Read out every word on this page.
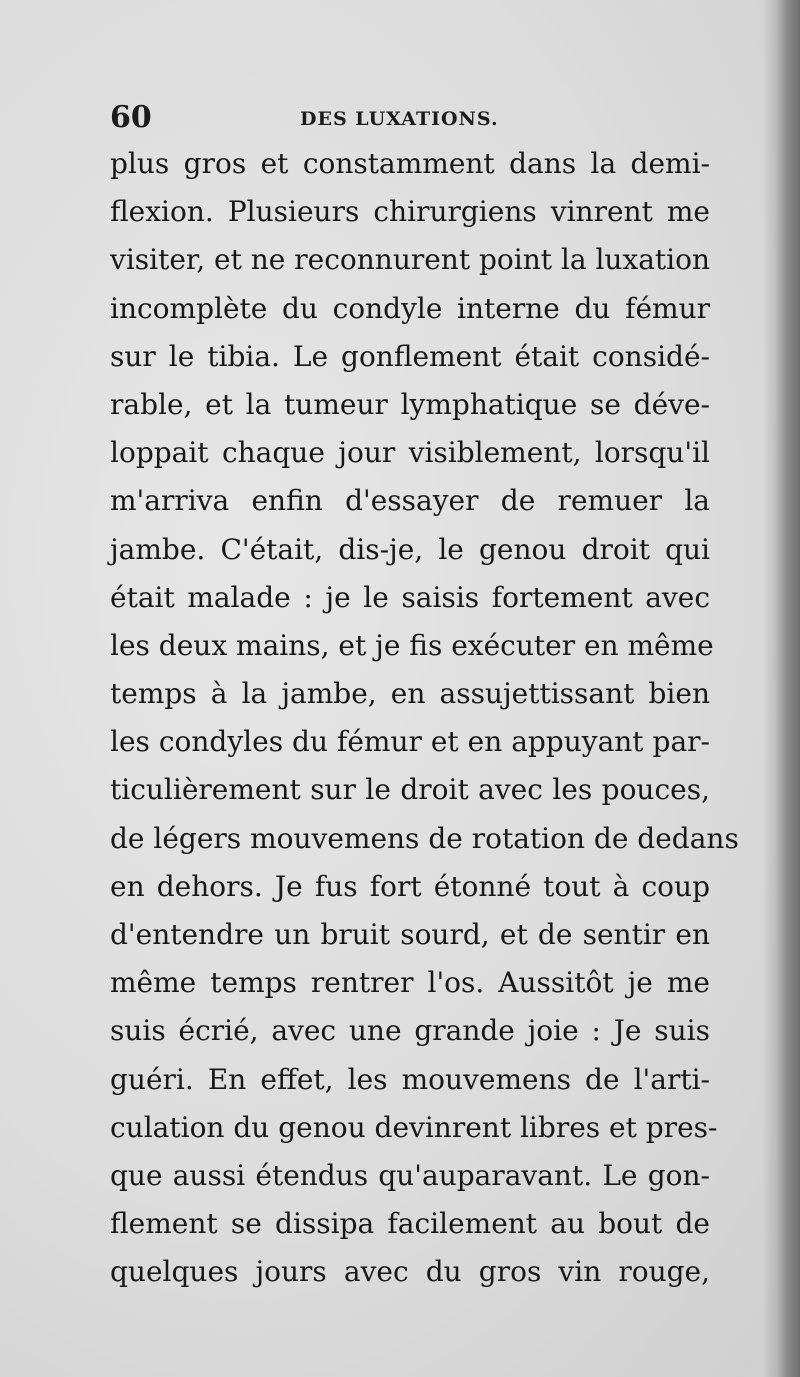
60	DES LUXATIONS.
plus gros et constamment dans la demi-
flexion. Plusieurs chirurgiens vinrent me
visiter, et ne reconnurent point la luxation
incomplète du condyle interne du fémur
sur le tibia. Le gonflement était considé-
rable, et la tumeur lymphatique se déve-
loppait chaque jour visiblement, lorsqu'il
m'arriva enfin d'essayer de remuer la
jambe. C'était, dis-je, le genou droit qui
était malade : je le saisis fortement avec
les deux mains, et je fis exécuter en même
temps à la jambe, en assujettissant bien
les condyles du fémur et en appuyant par-
ticulièrement sur le droit avec les pouces,
de légers mouvemens de rotation de dedans
en dehors. Je fus fort étonné tout à coup
d'entendre un bruit sourd, et de sentir en
même temps rentrer l'os. Aussitôt je me
suis écrié, avec une grande joie : Je suis
guéri. En effet, les mouvemens de l'arti-
culation du genou devinrent libres et pres-
que aussi étendus qu'auparavant. Le gon-
flement se dissipa facilement au bout de
quelques jours avec du gros vin rouge,
